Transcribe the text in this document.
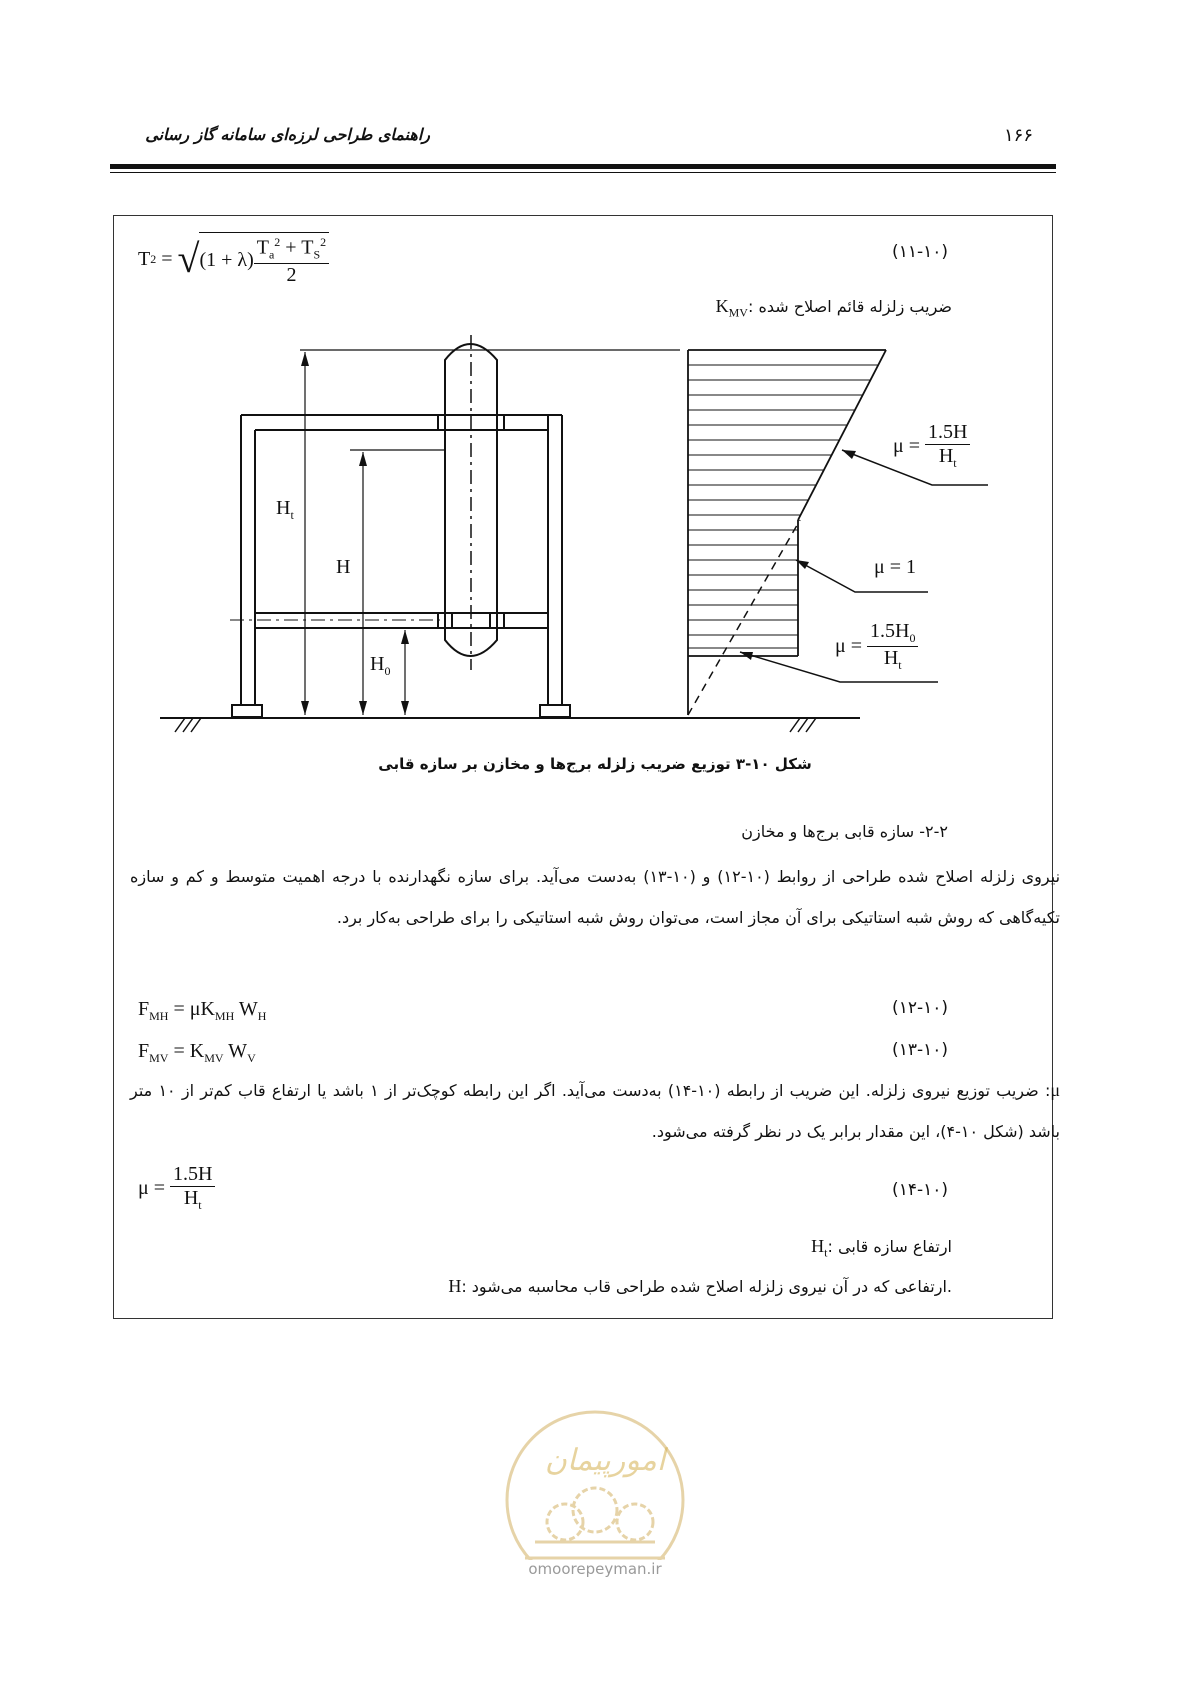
راهنمای طراحی لرزه‌ای سامانه گاز رسانی	۱۶۶
T 2 = √ $(1 + \lambda) \frac{T_a^2 + T_S^2}{2}$	(۱۱-۱۰)
$K_{MV}$: ضریب زلزله قائم اصلاح شده
$H_t$
H
$H_0$
μ =
$\frac{1.5H}{H_t}$
μ = 1
μ =
$\frac{1.5H_0}{H_t}$
شکل ۱۰-۳ توزیع ضریب زلزله برج‌ها و مخازن بر سازه قابی
۲-۲- سازه قابی برج‌ها و مخازن
نیروی زلزله اصلاح شده طراحی از روابط (۱۰-۱۲) و (۱۰-۱۳) به‌دست می‌آید. برای سازه نگهدارنده با درجه اهمیت متوسط و کم و سازه تکیه‌گاهی که روش شبه استاتیکی برای آن مجاز است، می‌توان روش شبه استاتیکی را برای طراحی به‌کار برد.
$F_{MH} = \mu K_{MH}$ $W_H$	(۱۲-۱۰)
$F_{MV} = K_{MV}$ $W_V$	(۱۳-۱۰)
μ: ضریب توزیع نیروی زلزله. این ضریب از رابطه (۱۰-۱۴) به‌دست می‌آید. اگر این رابطه کوچک‌تر از ۱ باشد یا ارتفاع قاب کم‌تر از ۱۰ متر باشد (شکل ۱۰-۴)، این مقدار برابر یک در نظر گرفته می‌شود.
μ =
$\frac{1.5H}{H_t}$	(۱۴-۱۰)
$H_t$: ارتفاع سازه قابی
H: ارتفاعی که در آن نیروی زلزله اصلاح شده طراحی قاب محاسبه می‌شود.
امورپیمان
omoorepeyman.ir
